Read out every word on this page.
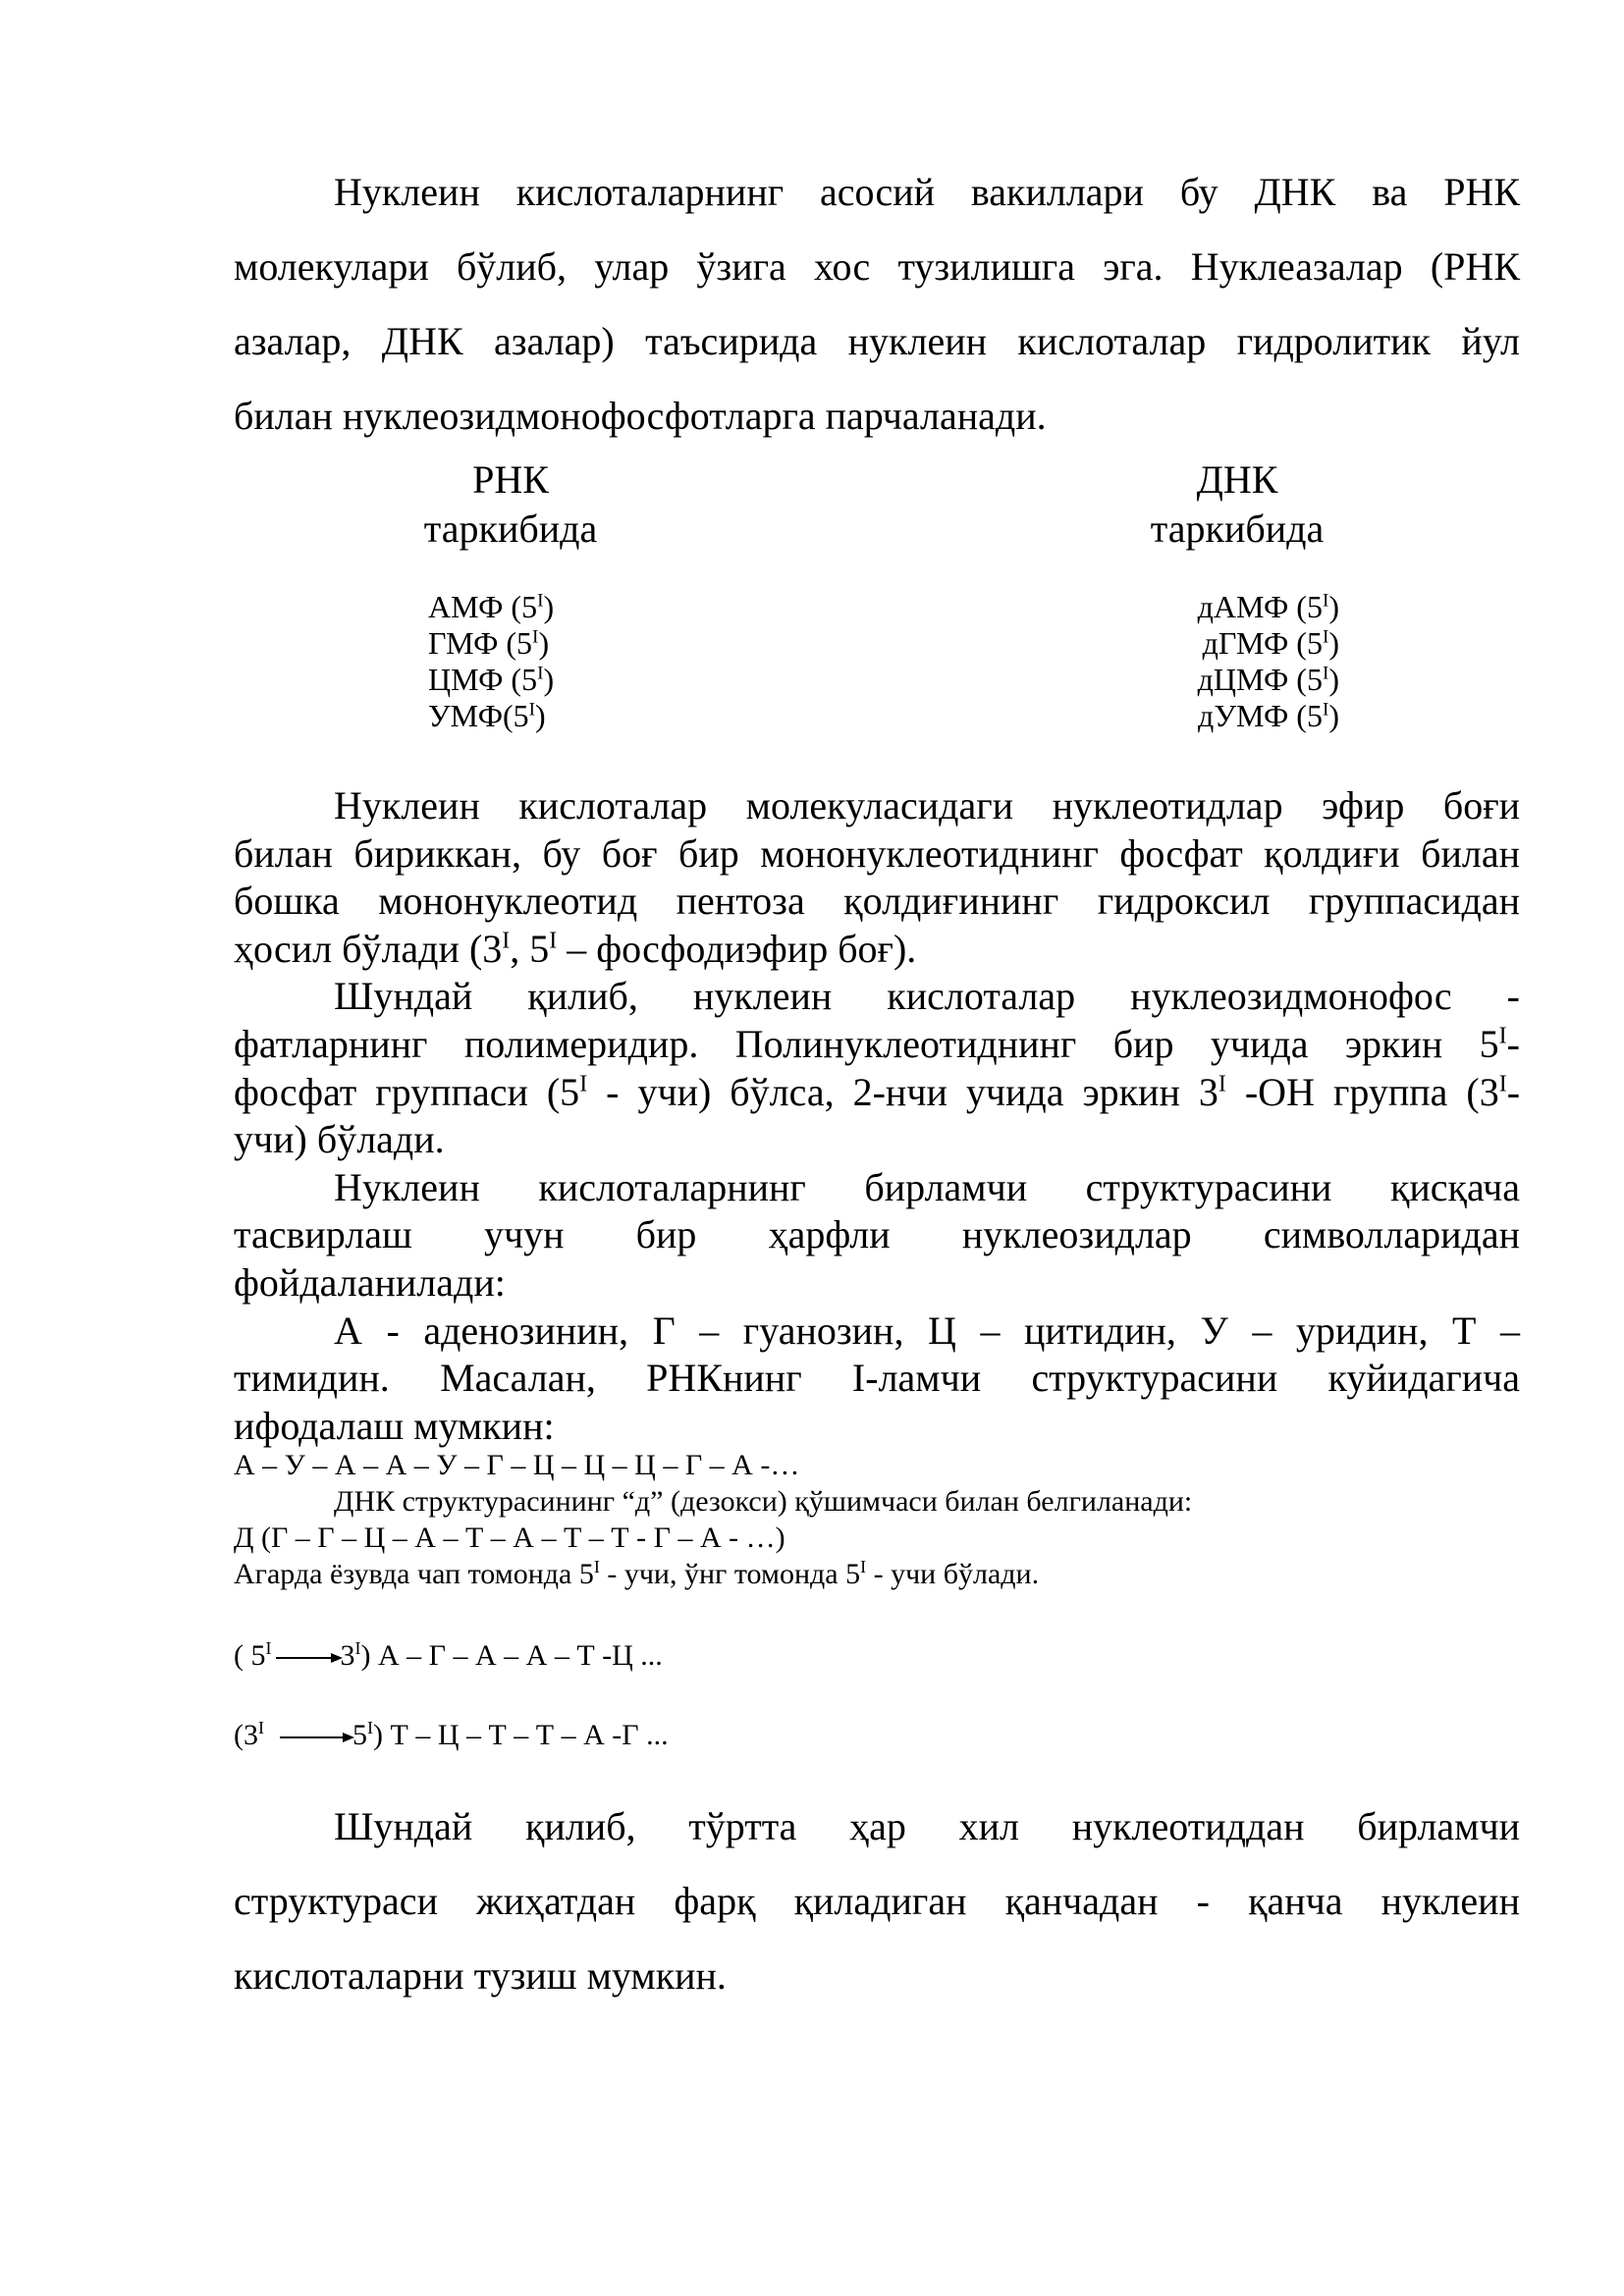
Нуклеин кислоталарнинг асосий вакиллари бу ДНК ва РНК
молекулари бўлиб, улар ўзига хос тузилишга эга. Нуклеазалар (РНК
азалар, ДНК азалар) таъсирида нуклеин кислоталар гидролитик йул
билан нуклеозидмонофосфотларга парчаланади.
РНК
таркибида
ДНК
таркибида
АМФ $(5^I)$
ГМФ $(5^I)$
ЦМФ $(5^I)$
$УМФ(5^I)$
дАМФ $(5^I)$
дГМФ $(5^I)$
дЦМФ $(5^I)$
дУМФ $(5^I)$
Нуклеин кислоталар молекуласидаги нуклеотидлар эфир боғи
билан бириккан, бу боғ бир мононуклеотиднинг фосфат қолдиғи билан
бошка мононуклеотид пентоза қолдиғининг гидроксил группасидан
ҳосил бўлади ($3^I$, $5^I$ – фосфодиэфир боғ).
Шундай қилиб, нуклеин кислоталар нуклеозидмонофос -
фатларнинг полимеридир. Полинуклеотиднинг бир учида эркин $5^I-$
фосфат группаси $(5^I - учи)$ бўлса, 2-нчи учида эркин $3^I$ -ОН группа ($3^I-$
учи) бўлади.
Нуклеин кислоталарнинг бирламчи структурасини қисқача
тасвирлаш учун бир ҳарфли нуклеозидлар символларидан
фойдаланилади:
А - аденозинин, Г – гуанозин, Ц – цитидин, У – уридин, Т –
тимидин. Масалан, РНКнинг I-ламчи структурасини куйидагича
ифодалаш мумкин:
А – У – А – А – У – Г – Ц – Ц – Ц – Г – А -…
ДНК структурасининг “д” (дезокси) қўшимчаси билан белгиланади:
Д (Г – Г – Ц – А – Т – А – Т – Т - Г – А - …)
Агарда ёзувда чап томонда $5^I$ - учи, ўнг томонда $5^I$ - учи бўлади.
( $5^I$ $3^I$) А – Г – А – А – Т -Ц ...
($3^I$	$5^I$) Т – Ц – Т – Т – А -Г ...
Шундай қилиб, тўртта ҳар хил нуклеотиддан бирламчи
структураси жиҳатдан фарқ қиладиган қанчадан - қанча нуклеин
кислоталарни тузиш мумкин.
